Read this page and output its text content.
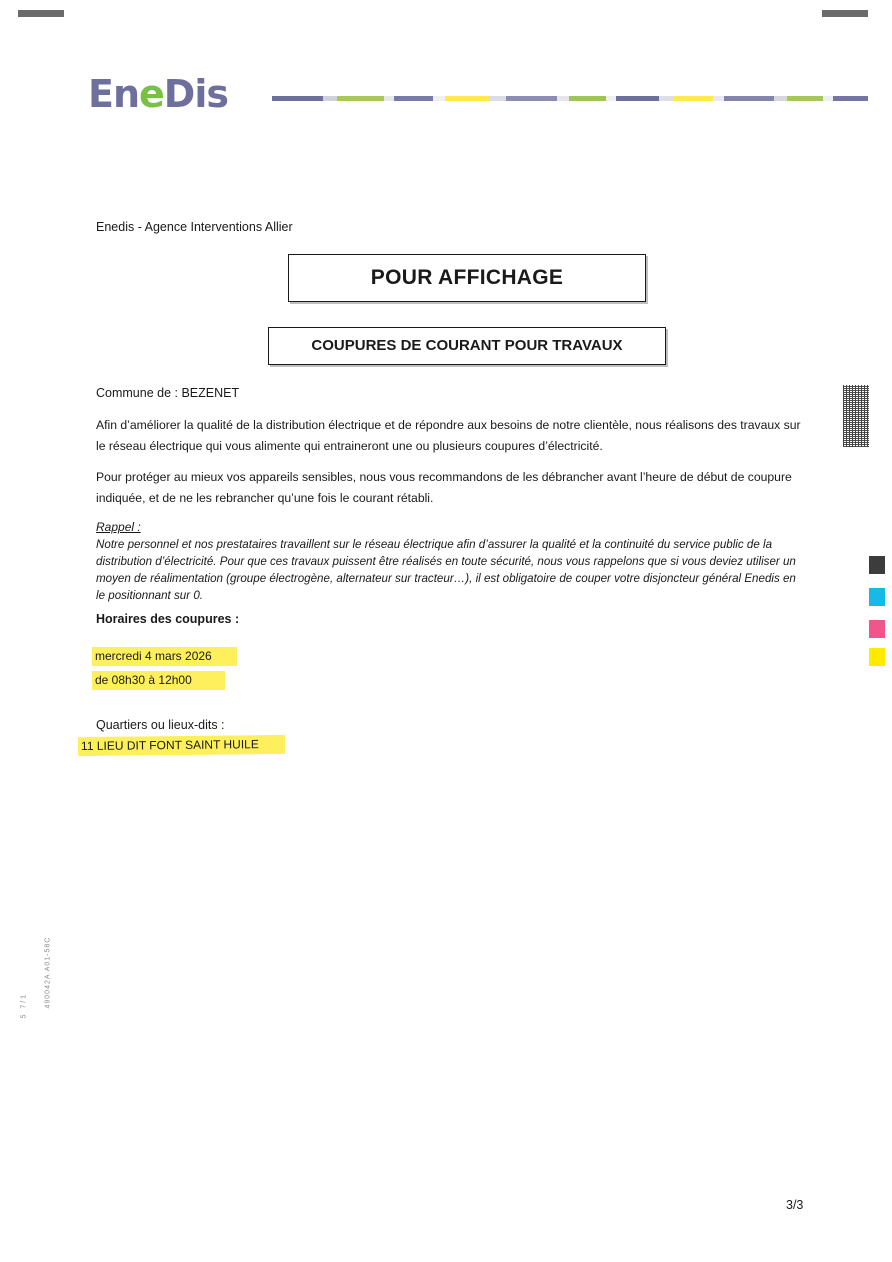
490042A A01-58C
5 7/1
EneDis
Enedis - Agence Interventions Allier
POUR AFFICHAGE
COUPURES DE COURANT POUR TRAVAUX
Commune de : BEZENET
Afin d’améliorer la qualité de la distribution électrique et de répondre aux besoins de notre clientèle, nous réalisons des travaux sur le réseau électrique qui vous alimente qui entraineront une ou plusieurs coupures d’électricité.
Pour protéger au mieux vos appareils sensibles, nous vous recommandons de les débrancher avant l’heure de début de coupure indiquée, et de ne les rebrancher qu’une fois le courant rétabli.
Rappel :
Notre personnel et nos prestataires travaillent sur le réseau électrique afin d’assurer la qualité et la continuité du service public de la distribution d’électricité. Pour que ces travaux puissent être réalisés en toute sécurité, nous vous rappelons que si vous deviez utiliser un moyen de réalimentation (groupe électrogène, alternateur sur tracteur…), il est obligatoire de couper votre disjoncteur général Enedis en le positionnant sur 0.
Horaires des coupures :
mercredi 4 mars 2026
de 08h30 à 12h00
Quartiers ou lieux-dits :
11 LIEU DIT FONT SAINT HUILE
3/3
